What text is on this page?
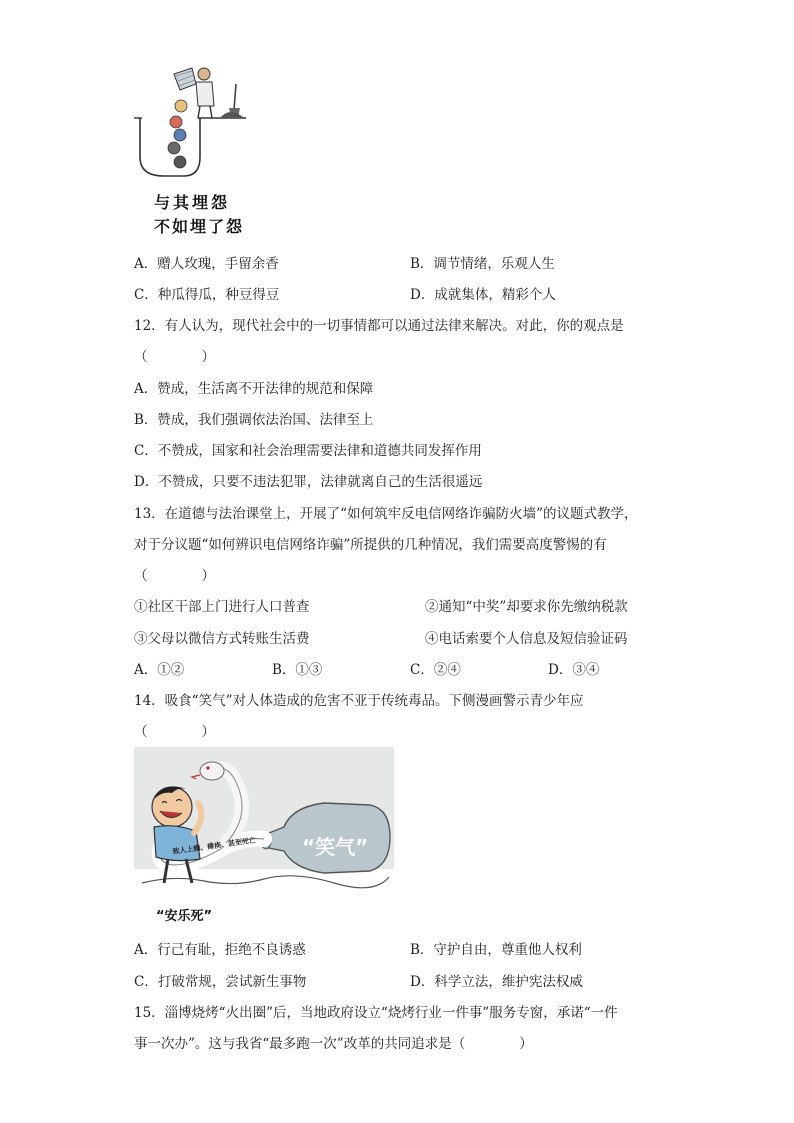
与其埋怨
不如埋了怨
A．赠人玫瑰，手留余香	B．调节情绪，乐观人生
C．种瓜得瓜，种豆得豆	D．成就集体，精彩个人
12．有人认为，现代社会中的一切事情都可以通过法律来解决。对此，你的观点是
（　　　　）
A．赞成，生活离不开法律的规范和保障
B．赞成，我们强调依法治国、法律至上
C．不赞成，国家和社会治理需要法律和道德共同发挥作用
D．不赞成，只要不违法犯罪，法律就离自己的生活很遥远
13．在道德与法治课堂上，开展了“如何筑牢反电信网络诈骗防火墙”的议题式教学，
对于分议题“如何辨识电信网络诈骗”所提供的几种情况，我们需要高度警惕的有
（　　　　）
①社区干部上门进行人口普查	②通知“中奖”却要求你先缴纳税款
③父母以微信方式转账生活费	④电话索要个人信息及短信验证码
A．①②	B．①③	C．②④	D．③④
14．吸食“笑气”对人体造成的危害不亚于传统毒品。下侧漫画警示青少年应
（　　　　）
“笑气”
致人上瘾、瘫痪、甚至死亡
“安乐死”
A．行己有耻，拒绝不良诱惑	B．守护自由，尊重他人权利
C．打破常规，尝试新生事物	D．科学立法，维护宪法权威
15．淄博烧烤“火出圈”后，当地政府设立“烧烤行业一件事”服务专窗，承诺“一件
事一次办”。这与我省“最多跑一次”改革的共同追求是（　　　　）
